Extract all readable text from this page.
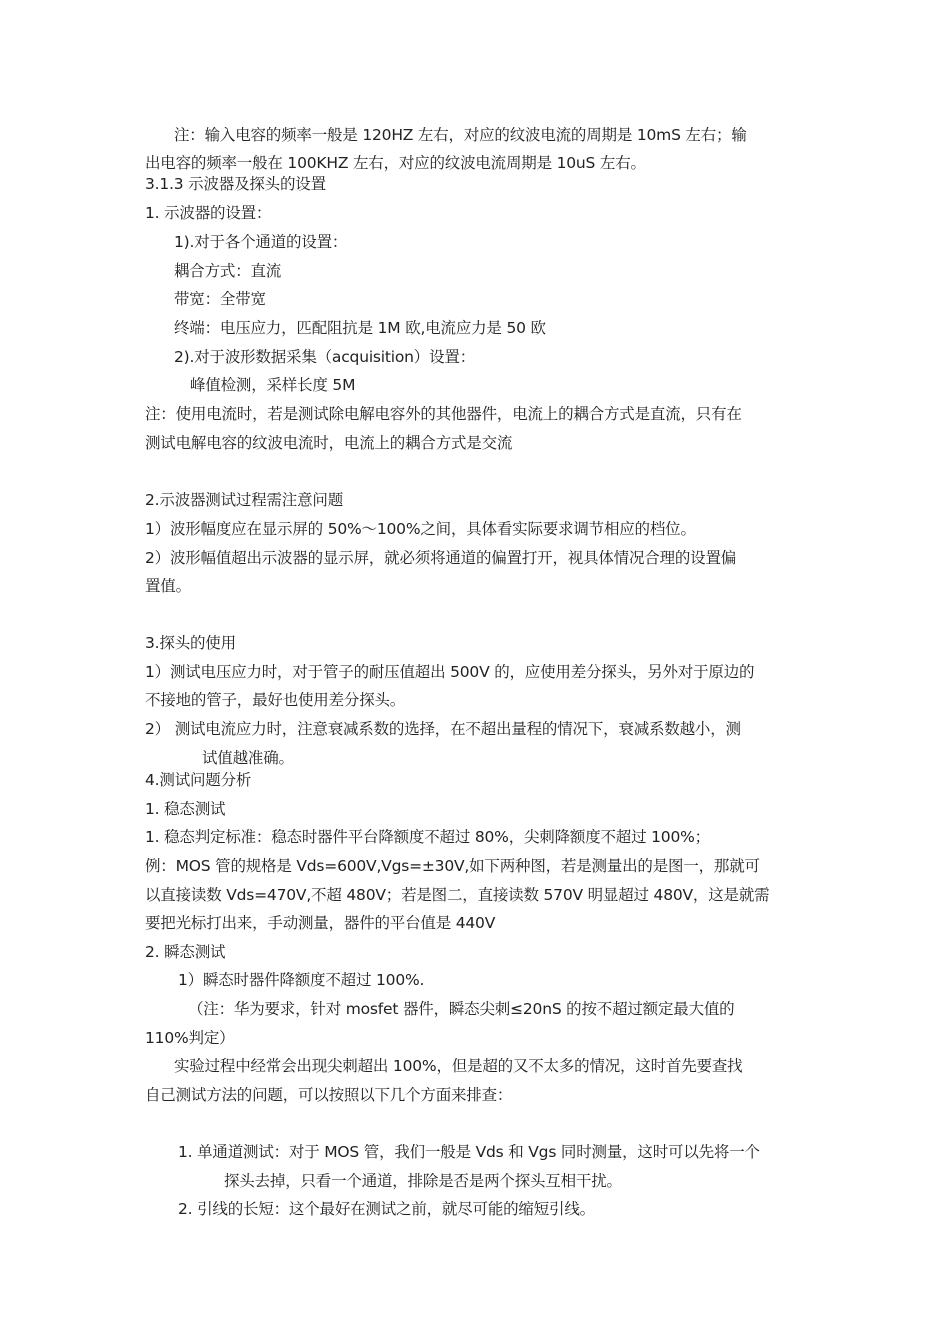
注：输入电容的频率一般是 120HZ 左右，对应的纹波电流的周期是 10mS 左右；输
出电容的频率一般在 100KHZ 左右，对应的纹波电流周期是 10uS 左右。
3.1.3 示波器及探头的设置
1. 示波器的设置：
1).对于各个通道的设置：
耦合方式：直流
带宽：全带宽
终端：电压应力，匹配阻抗是 1M 欧,电流应力是 50 欧
2).对于波形数据采集（acquisition）设置：
峰值检测，采样长度 5M
注：使用电流时，若是测试除电解电容外的其他器件，电流上的耦合方式是直流，只有在
测试电解电容的纹波电流时，电流上的耦合方式是交流
2.示波器测试过程需注意问题
1）波形幅度应在显示屏的 50%～100%之间，具体看实际要求调节相应的档位。
2）波形幅值超出示波器的显示屏，就必须将通道的偏置打开，视具体情况合理的设置偏
置值。
3.探头的使用
1）测试电压应力时，对于管子的耐压值超出 500V 的，应使用差分探头，另外对于原边的
不接地的管子，最好也使用差分探头。
2） 测试电流应力时，注意衰减系数的选择，在不超出量程的情况下，衰减系数越小，测
试值越准确。
4.测试问题分析
1. 稳态测试
1. 稳态判定标准：稳态时器件平台降额度不超过 80%，尖刺降额度不超过 100%；
例：MOS 管的规格是 Vds=600V,Vgs=±30V,如下两种图，若是测量出的是图一，那就可
以直接读数 Vds=470V,不超 480V；若是图二，直接读数 570V 明显超过 480V，这是就需
要把光标打出来，手动测量，器件的平台值是 440V
2. 瞬态测试
1）瞬态时器件降额度不超过 100%.
（注：华为要求，针对 mosfet 器件，瞬态尖刺≤20nS 的按不超过额定最大值的
110%判定）
实验过程中经常会出现尖刺超出 100%，但是超的又不太多的情况，这时首先要查找
自己测试方法的问题，可以按照以下几个方面来排查：
1. 单通道测试：对于 MOS 管，我们一般是 Vds 和 Vgs 同时测量，这时可以先将一个
探头去掉，只看一个通道，排除是否是两个探头互相干扰。
2. 引线的长短：这个最好在测试之前，就尽可能的缩短引线。
